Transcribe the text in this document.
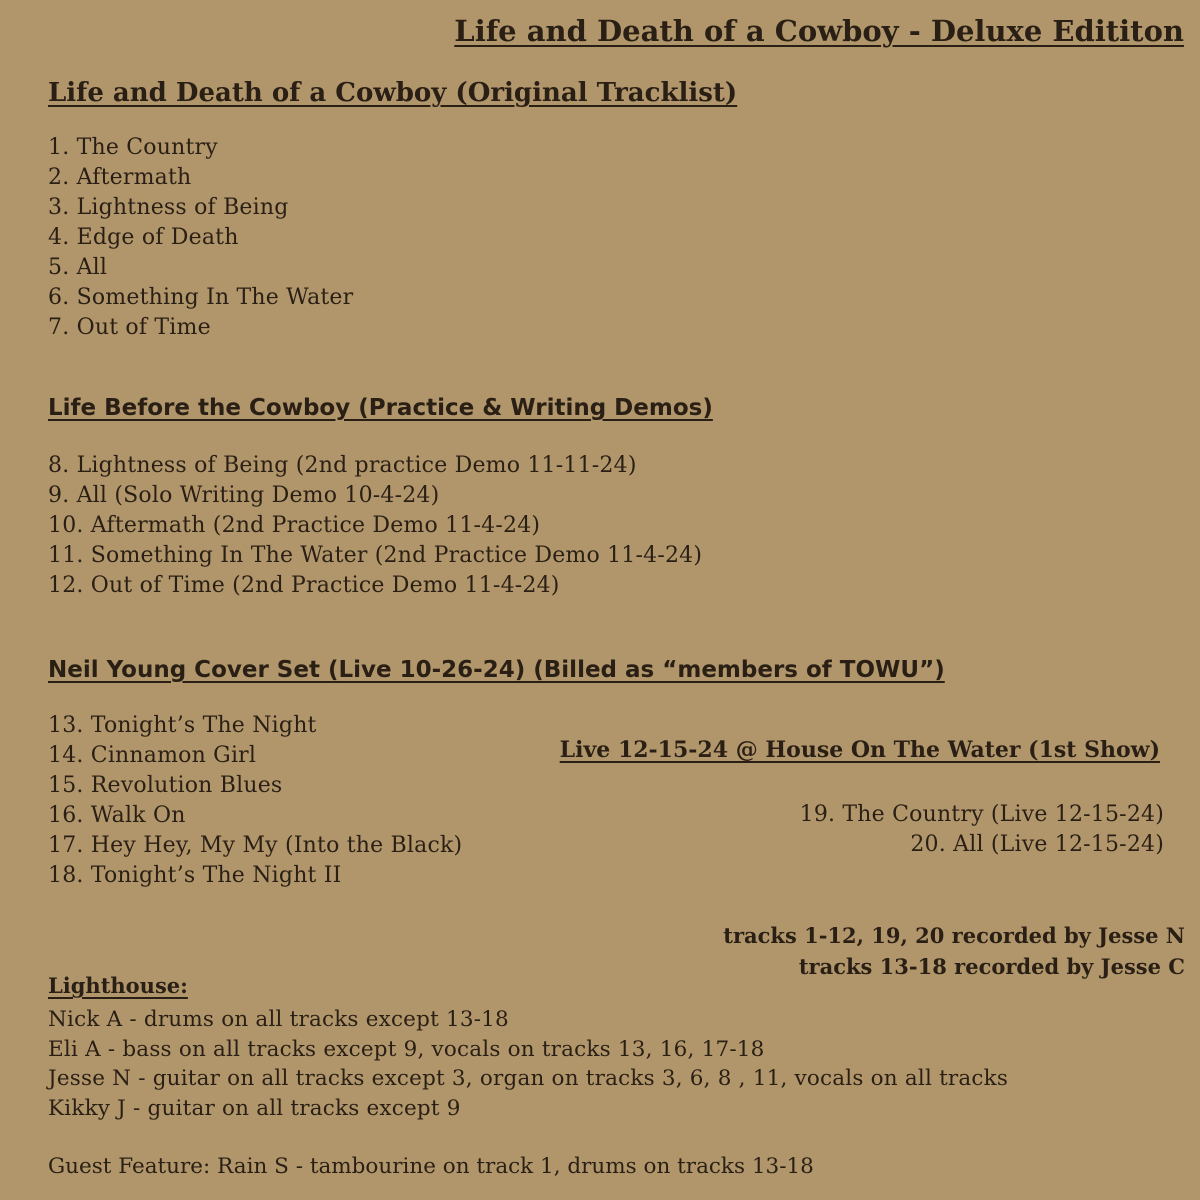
Life and Death of a Cowboy - Deluxe Edititon
Life and Death of a Cowboy (Original Tracklist)
1. The Country
2. Aftermath
3. Lightness of Being
4. Edge of Death
5. All
6. Something In The Water
7. Out of Time
Life Before the Cowboy (Practice & Writing Demos)
8. Lightness of Being (2nd practice Demo 11-11-24)
9. All (Solo Writing Demo 10-4-24)
10. Aftermath (2nd Practice Demo 11-4-24)
11. Something In The Water (2nd Practice Demo 11-4-24)
12. Out of Time (2nd Practice Demo 11-4-24)
Neil Young Cover Set (Live 10-26-24) (Billed as “members of TOWU”)
13. Tonight’s The Night
14. Cinnamon Girl
15. Revolution Blues
16. Walk On
17. Hey Hey, My My (Into the Black)
18. Tonight’s The Night II
Live 12-15-24 @ House On The Water (1st Show)
19. The Country (Live 12-15-24)
20. All (Live 12-15-24)
tracks 1-12, 19, 20 recorded by Jesse N
tracks 13-18 recorded by Jesse C
Lighthouse:
Nick A - drums on all tracks except 13-18
Eli A - bass on all tracks except 9, vocals on tracks 13, 16, 17-18
Jesse N - guitar on all tracks except 3, organ on tracks 3, 6, 8 , 11, vocals on all tracks
Kikky J - guitar on all tracks except 9
Guest Feature: Rain S - tambourine on track 1, drums on tracks 13-18
